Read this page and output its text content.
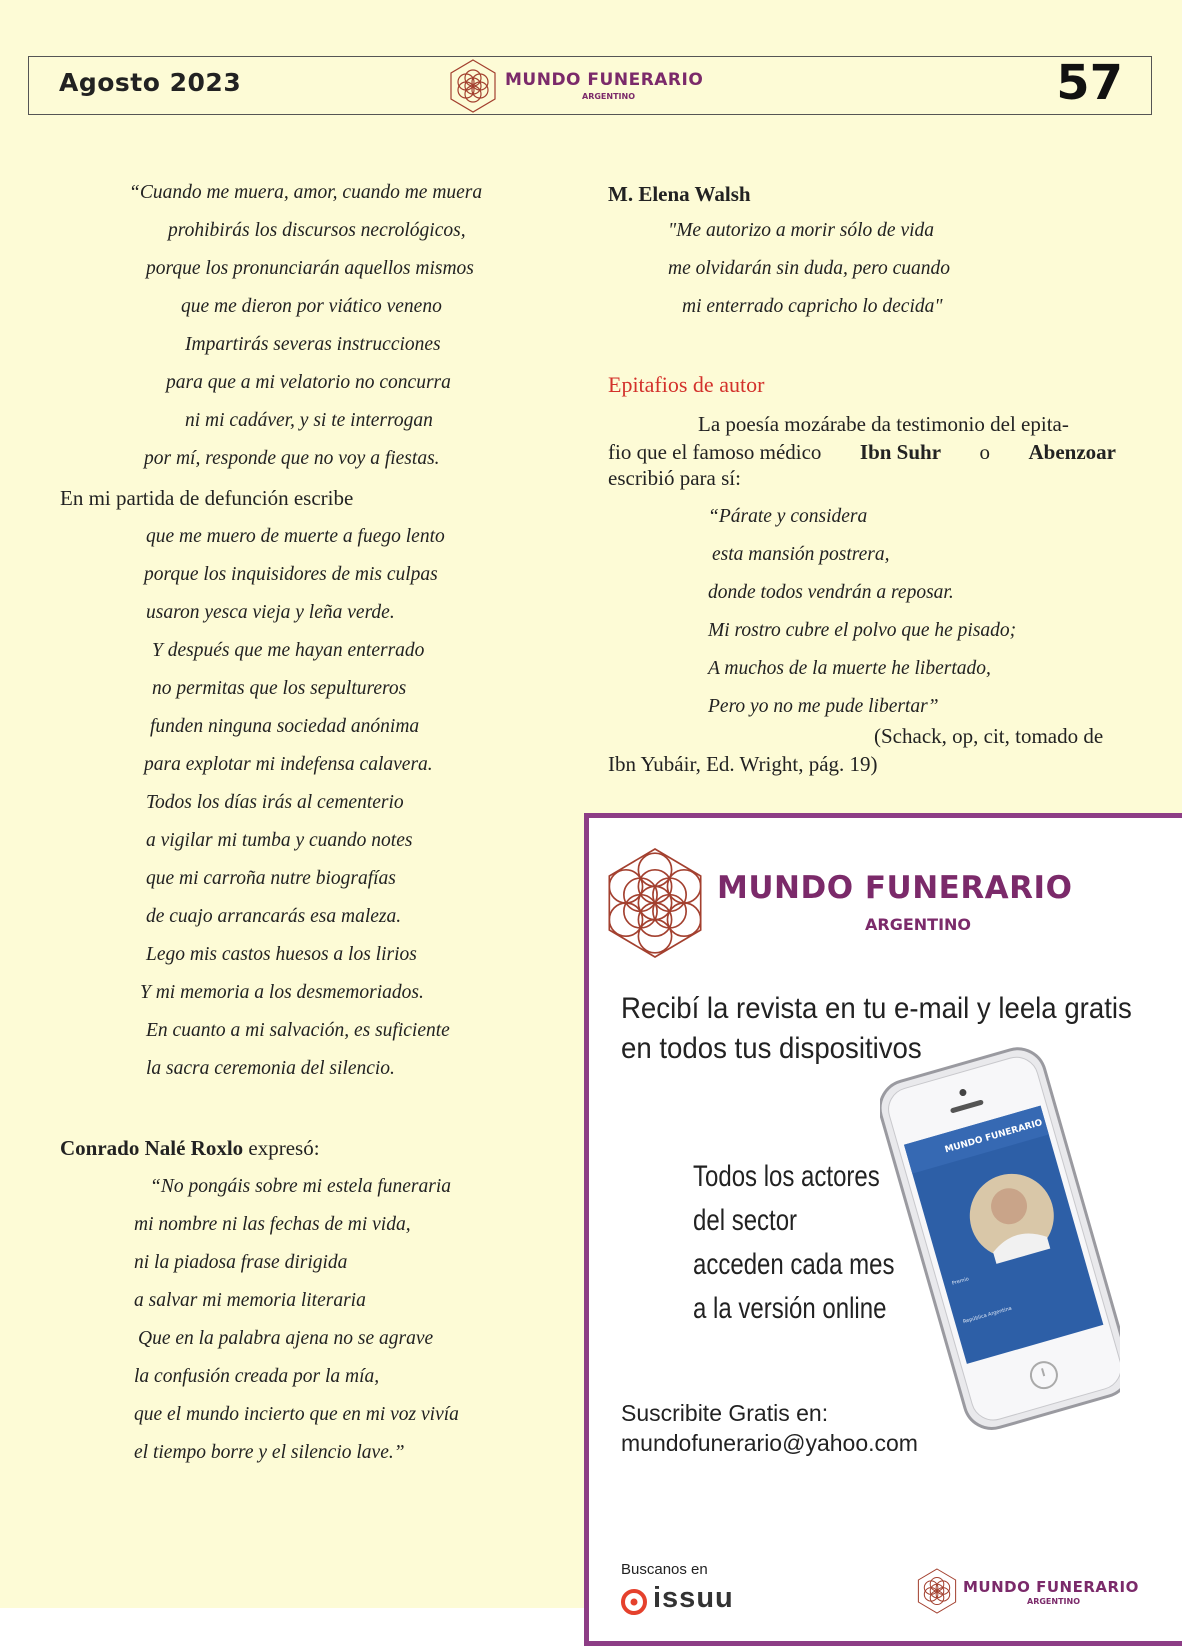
Agosto 2023	MUNDO FUNERARIO
ARGENTINO	57
“Cuando me muera, amor, cuando me muera
prohibirás los discursos necrológicos,
porque los pronunciarán aquellos mismos
que me dieron por viático veneno
Impartirás severas instrucciones
para que a mi velatorio no concurra
ni mi cadáver, y si te interrogan
por mí, responde que no voy a fiestas.
En mi partida de defunción escribe
que me muero de muerte a fuego lento
porque los inquisidores de mis culpas
usaron yesca vieja y leña verde.
Y después que me hayan enterrado
no permitas que los sepultureros
funden ninguna sociedad anónima
para explotar mi indefensa calavera.
Todos los días irás al cementerio
a vigilar mi tumba y cuando notes
que mi carroña nutre biografías
de cuajo arrancarás esa maleza.
Lego mis castos huesos a los lirios
Y mi memoria a los desmemoriados.
En cuanto a mi salvación, es suficiente
la sacra ceremonia del silencio.
Conrado Nalé Roxlo expresó:
“No pongáis sobre mi estela funeraria
mi nombre ni las fechas de mi vida,
ni la piadosa frase dirigida
a salvar mi memoria literaria
Que en la palabra ajena no se agrave
la confusión creada por la mía,
que el mundo incierto que en mi voz vivía
el tiempo borre y el silencio lave.”
M. Elena Walsh
"Me autorizo a morir sólo de vida
me olvidarán sin duda, pero cuando
mi enterrado capricho lo decida"
Epitafios de autor
La poesía mozárabe da testimonio del epita-
fio que el famoso médico Ibn Suhr o Abenzoar
escribió para sí:
“Párate y considera
esta mansión postrera,
donde todos vendrán a reposar.
Mi rostro cubre el polvo que he pisado;
A muchos de la muerte he libertado,
Pero yo no me pude libertar”
(Schack, op, cit, tomado de
Ibn Yubáir, Ed. Wright, pág. 19)
MUNDO FUNERARIO
ARGENTINO
Recibí la revista en tu e-mail y leela gratis
en todos tus dispositivos
Todos los actores
del sector
acceden cada mes
a la versión online
Suscribite Gratis en:
mundofunerario@yahoo.com
Buscanos en
issuu	MUNDO FUNERARIO
ARGENTINO
MUNDO FUNERARIO
Premio
República Argentina
